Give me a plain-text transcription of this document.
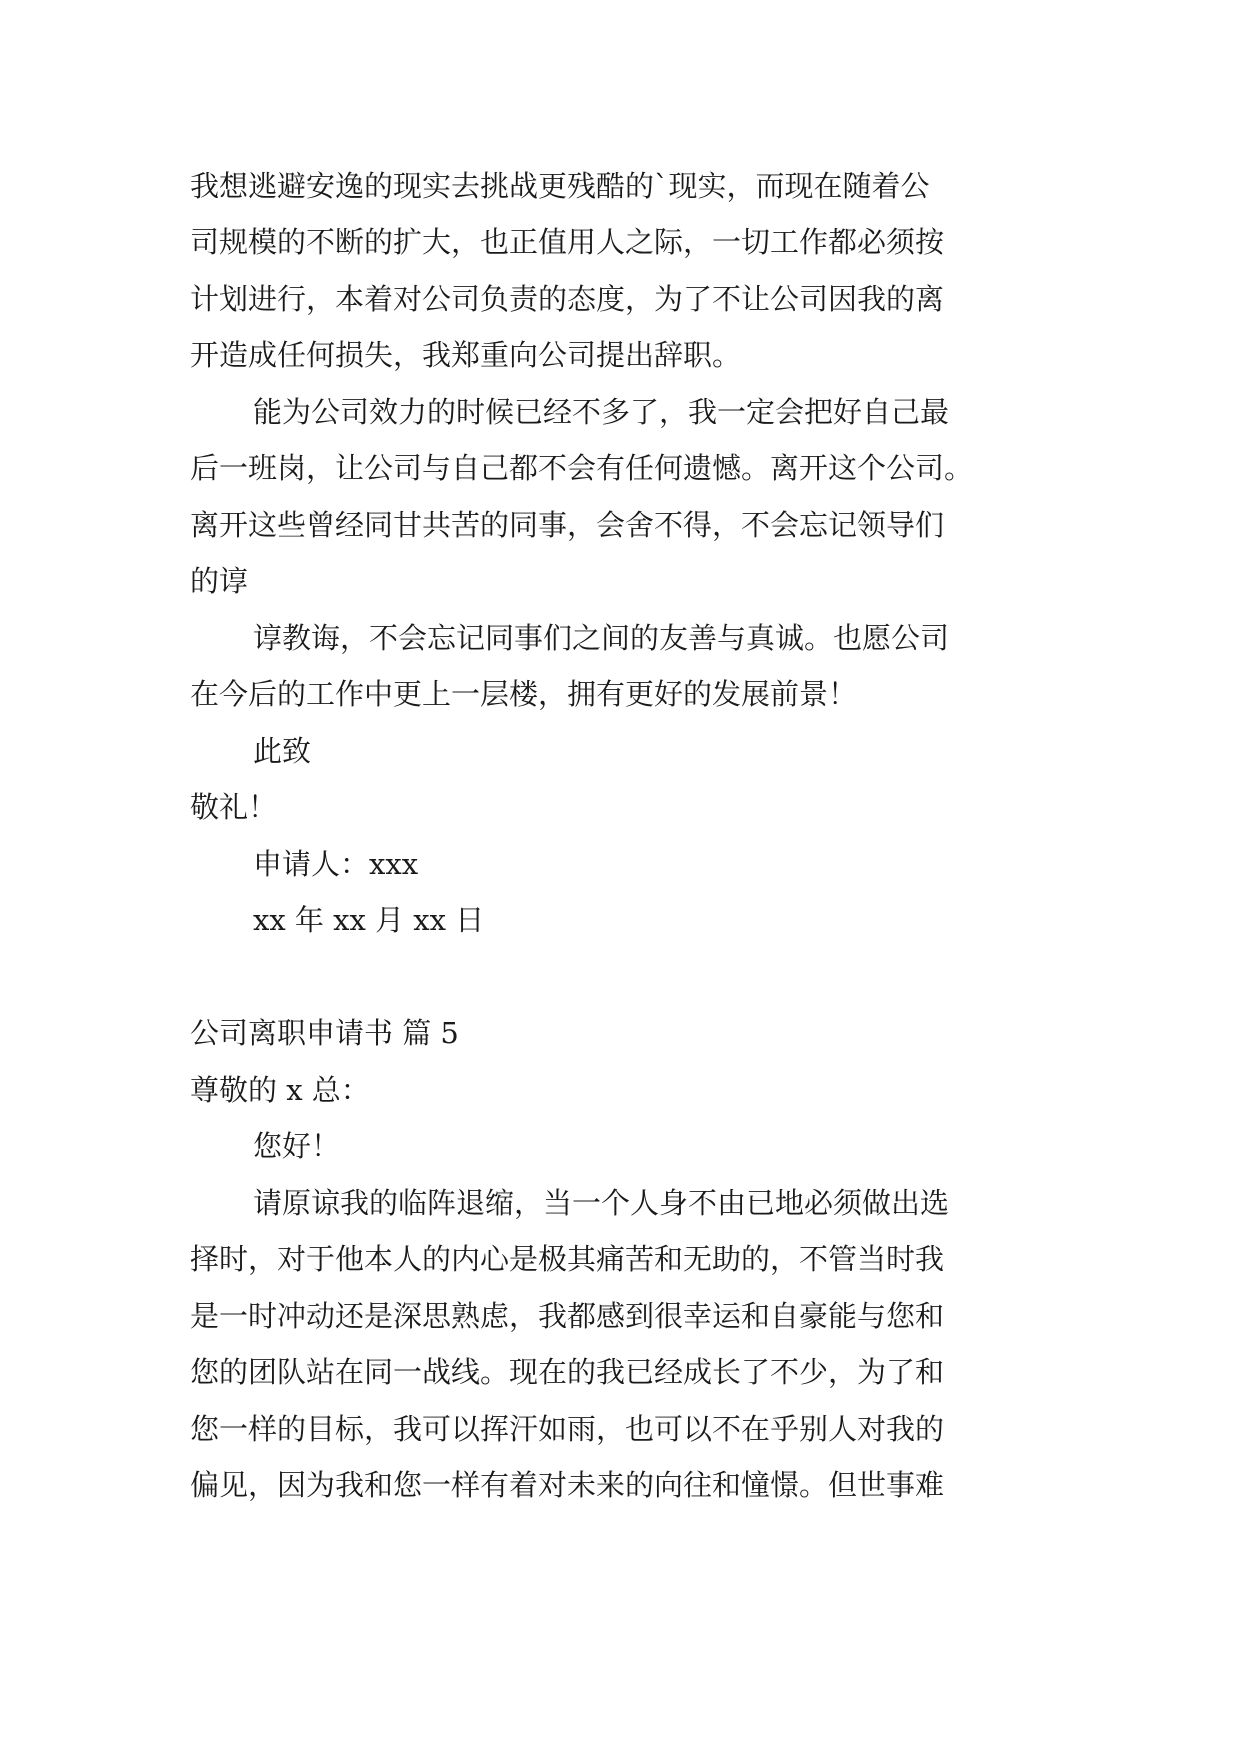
我想逃避安逸的现实去挑战更残酷的`现实，而现在随着公

司规模的不断的扩大，也正值用人之际，一切工作都必须按

计划进行，本着对公司负责的态度，为了不让公司因我的离

开造成任何损失，我郑重向公司提出辞职。

能为公司效力的时候已经不多了，我一定会把好自己最

后一班岗，让公司与自己都不会有任何遗憾。离开这个公司。

离开这些曾经同甘共苦的同事，会舍不得，不会忘记领导们

的谆

谆教诲，不会忘记同事们之间的友善与真诚。也愿公司

在今后的工作中更上一层楼，拥有更好的发展前景！

此致

敬礼！

申请人：xxx

xx 年 xx 月 xx 日

公司离职申请书 篇 5

尊敬的 x 总：

您好！

请原谅我的临阵退缩，当一个人身不由已地必须做出选

择时，对于他本人的内心是极其痛苦和无助的，不管当时我

是一时冲动还是深思熟虑，我都感到很幸运和自豪能与您和

您的团队站在同一战线。现在的我已经成长了不少，为了和

您一样的目标，我可以挥汗如雨，也可以不在乎别人对我的

偏见，因为我和您一样有着对未来的向往和憧憬。但世事难
